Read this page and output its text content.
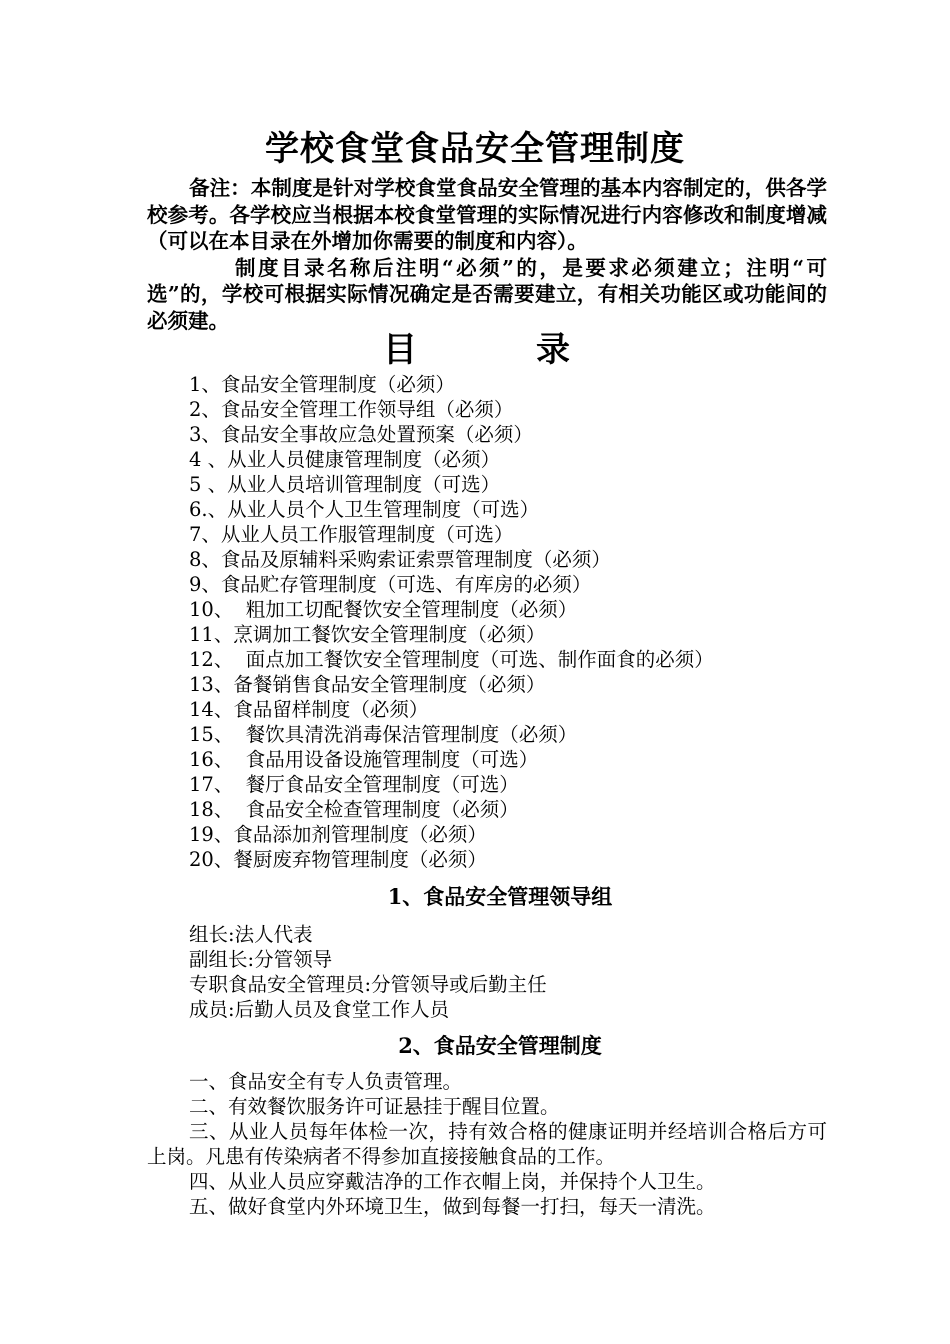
学校食堂食品安全管理制度

备注：本制度是针对学校食堂食品安全管理的基本内容制定的，供各学校参考。各学校应当根据本校食堂管理的实际情况进行内容修改和制度增减（可以在本目录在外增加你需要的制度和内容）。

制度目录名称后注明“必须”的，是要求必须建立；注明“可选”的，学校可根据实际情况确定是否需要建立，有相关功能区或功能间的必须建。

目	录
1、食品安全管理制度（必须）
2、食品安全管理工作领导组（必须）
3、食品安全事故应急处置预案（必须）
4 、从业人员健康管理制度（必须）
5 、从业人员培训管理制度（可选）
6.、从业人员个人卫生管理制度（可选）
7、从业人员工作服管理制度（可选）
8、食品及原辅料采购索证索票管理制度（必须）
9、食品贮存管理制度（可选、有库房的必须）
10、  粗加工切配餐饮安全管理制度（必须）
11、烹调加工餐饮安全管理制度（必须）
12、  面点加工餐饮安全管理制度（可选、制作面食的必须）
13、备餐销售食品安全管理制度（必须）
14、食品留样制度（必须）
15、  餐饮具清洗消毒保洁管理制度（必须）
16、  食品用设备设施管理制度（可选）
17、  餐厅食品安全管理制度（可选）
18、  食品安全检查管理制度（必须）
19、食品添加剂管理制度（必须）
20、餐厨废弃物管理制度（必须）
1、食品安全管理领导组
组长:法人代表
副组长:分管领导
专职食品安全管理员:分管领导或后勤主任
成员:后勤人员及食堂工作人员
2、食品安全管理制度
一、食品安全有专人负责管理。
二、有效餐饮服务许可证悬挂于醒目位置。
三、从业人员每年体检一次，持有效合格的健康证明并经培训合格后方可上岗。凡患有传染病者不得参加直接接触食品的工作。
四、从业人员应穿戴洁净的工作衣帽上岗，并保持个人卫生。
五、做好食堂内外环境卫生，做到每餐一打扫，每天一清洗。
